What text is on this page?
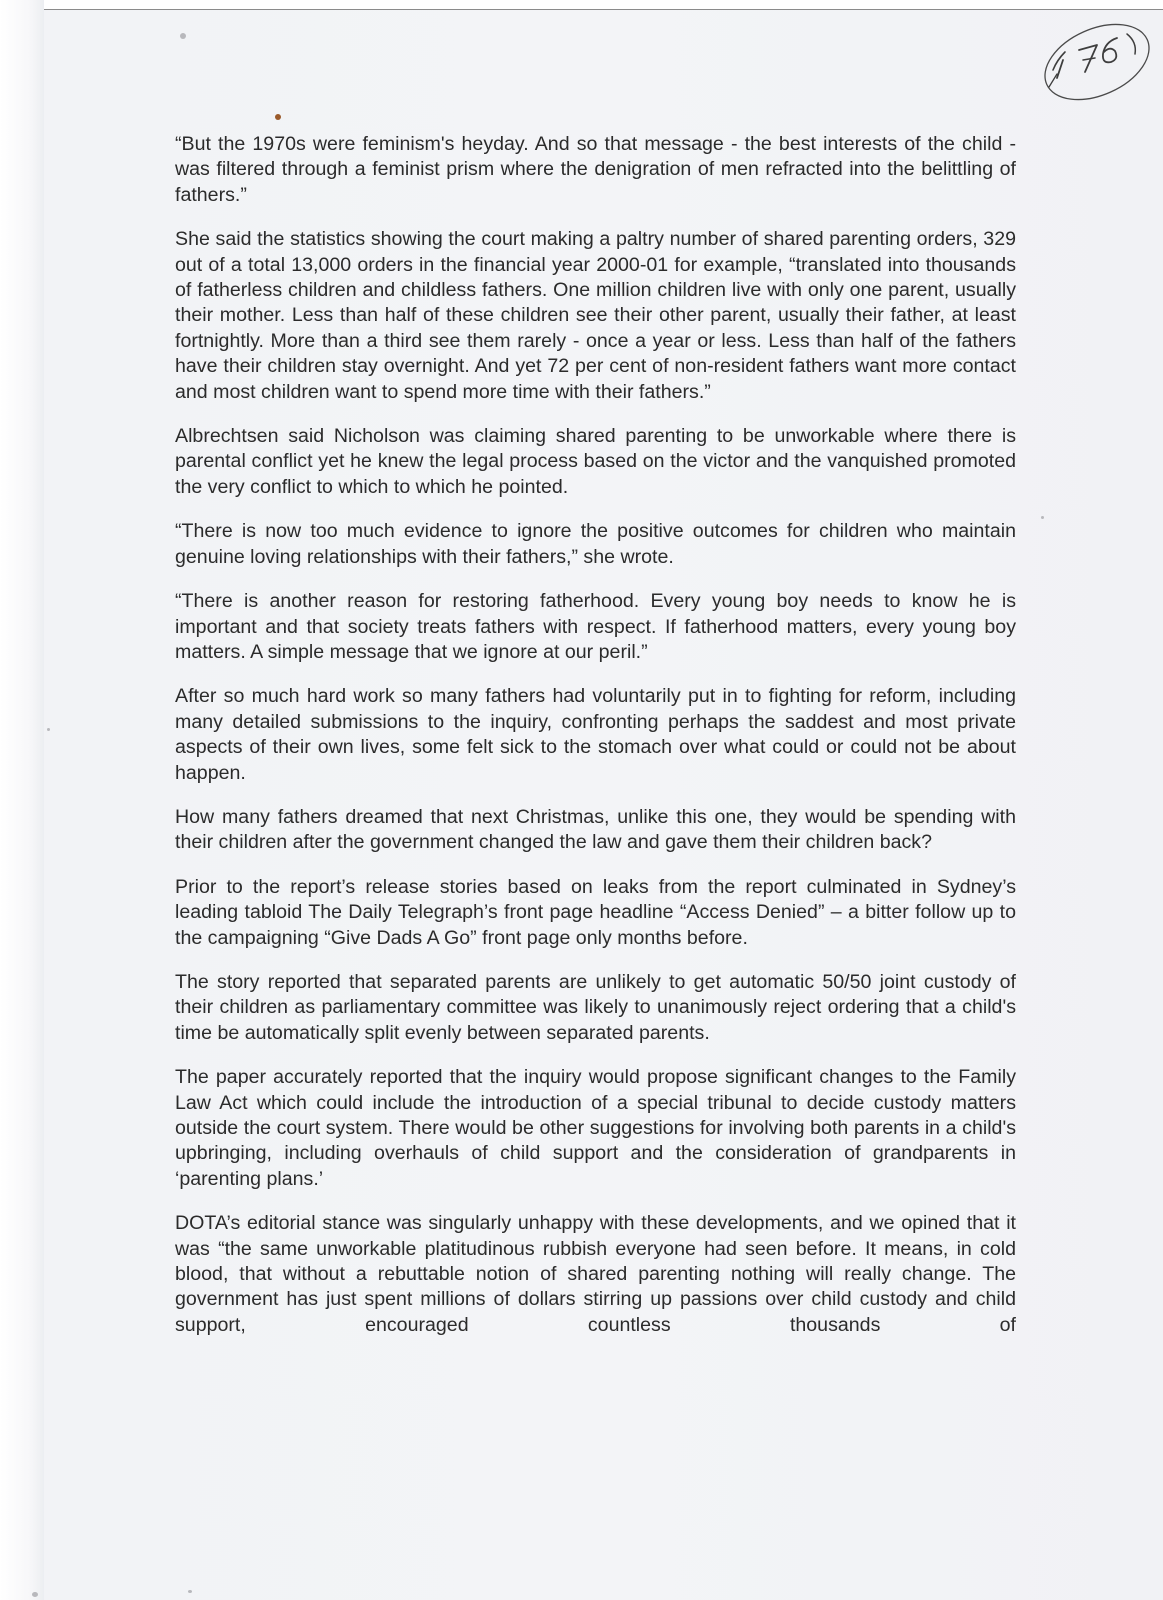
“But the 1970s were feminism's heyday. And so that message - the best interests of the child - was filtered through a feminist prism where the denigration of men refracted into the belittling of fathers.”

She said the statistics showing the court making a paltry number of shared parenting orders, 329 out of a total 13,000 orders in the financial year 2000-01 for example, “translated into thousands of fatherless children and childless fathers. One million children live with only one parent, usually their mother. Less than half of these children see their other parent, usually their father, at least fortnightly. More than a third see them rarely - once a year or less. Less than half of the fathers have their children stay overnight. And yet 72 per cent of non-resident fathers want more contact and most children want to spend more time with their fathers.”

Albrechtsen said Nicholson was claiming shared parenting to be unworkable where there is parental conflict yet he knew the legal process based on the victor and the vanquished promoted the very conflict to which to which he pointed.

“There is now too much evidence to ignore the positive outcomes for children who maintain genuine loving relationships with their fathers,” she wrote.

“There is another reason for restoring fatherhood. Every young boy needs to know he is important and that society treats fathers with respect. If fatherhood matters, every young boy matters. A simple message that we ignore at our peril.”

After so much hard work so many fathers had voluntarily put in to fighting for reform, including many detailed submissions to the inquiry, confronting perhaps the saddest and most private aspects of their own lives, some felt sick to the stomach over what could or could not be about happen.

How many fathers dreamed that next Christmas, unlike this one, they would be spending with their children after the government changed the law and gave them their children back?

Prior to the report’s release stories based on leaks from the report culminated in Sydney’s leading tabloid The Daily Telegraph’s front page headline “Access Denied” – a bitter follow up to the campaigning “Give Dads A Go” front page only months before.

The story reported that separated parents are unlikely to get automatic 50/50 joint custody of their children as parliamentary committee was likely to unanimously reject ordering that a child's time be automatically split evenly between separated parents.

The paper accurately reported that the inquiry would propose significant changes to the Family Law Act which could include the introduction of a special tribunal to decide custody matters outside the court system. There would be other suggestions for involving both parents in a child's upbringing, including overhauls of child support and the consideration of grandparents in ‘parenting plans.’

DOTA’s editorial stance was singularly unhappy with these developments, and we opined that it was “the same unworkable platitudinous rubbish everyone had seen before. It means, in cold blood, that without a rebuttable notion of shared parenting nothing will really change. The government has just spent millions of dollars stirring up passions over child custody and child support, encouraged countless thousands of
